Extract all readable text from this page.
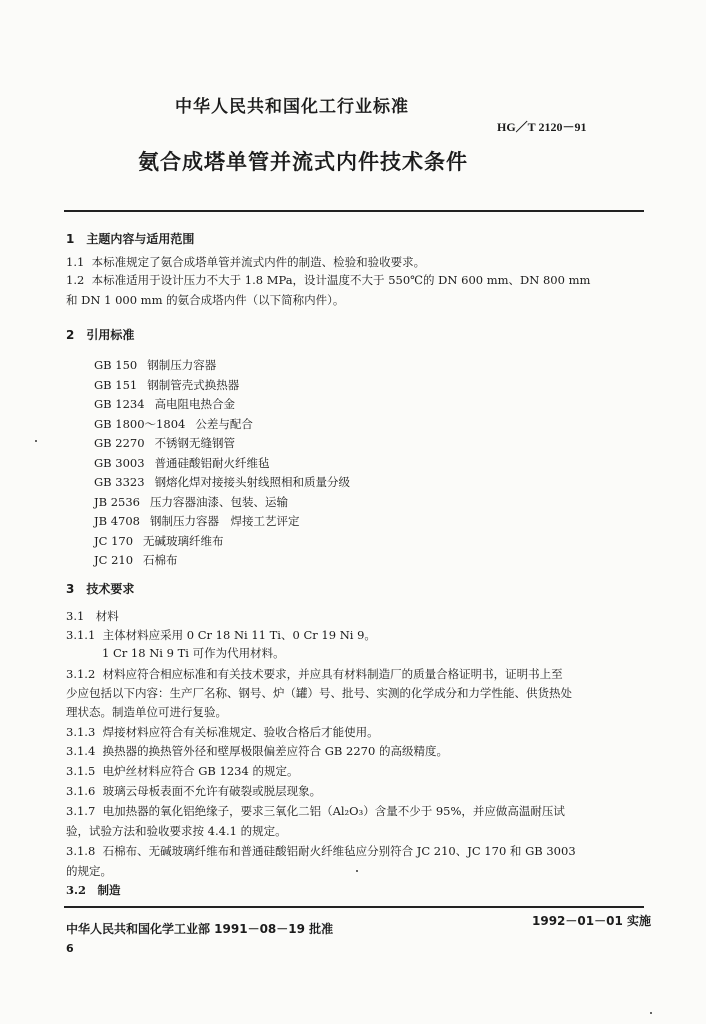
中华人民共和国化工行业标准
HG／T 2120－91
氨合成塔单管并流式内件技术条件
1　主题内容与适用范围
1.1 本标准规定了氨合成塔单管并流式内件的制造、检验和验收要求。
1.2 本标准适用于设计压力不大于 1.8 MPa，设计温度不大于 550℃的 DN 600 mm、DN 800 mm
和 DN 1 000 mm 的氨合成塔内件（以下简称内件）。
2　引用标准
GB 150 钢制压力容器
GB 151 钢制管壳式换热器
GB 1234 高电阻电热合金
GB 1800～1804 公差与配合
GB 2270 不锈钢无缝钢管
GB 3003 普通硅酸铝耐火纤维毡
GB 3323 钢熔化焊对接接头射线照相和质量分级
JB 2536 压力容器油漆、包装、运输
JB 4708 钢制压力容器　焊接工艺评定
JC 170 无碱玻璃纤维布
JC 210 石棉布
3　技术要求
3.1　材料
3.1.1 主体材料应采用 0 Cr 18 Ni 11 Ti、0 Cr 19 Ni 9。
1 Cr 18 Ni 9 Ti 可作为代用材料。
3.1.2 材料应符合相应标准和有关技术要求，并应具有材料制造厂的质量合格证明书，证明书上至
少应包括以下内容：生产厂名称、钢号、炉（罐）号、批号、实测的化学成分和力学性能、供货热处
理状态。制造单位可进行复验。
3.1.3 焊接材料应符合有关标准规定、验收合格后才能使用。
3.1.4 换热器的换热管外径和壁厚极限偏差应符合 GB 2270 的高级精度。
3.1.5 电炉丝材料应符合 GB 1234 的规定。
3.1.6 玻璃云母板表面不允许有破裂或脱层现象。
3.1.7 电加热器的氧化铝绝缘子，要求三氧化二铝（Al₂O₃）含量不少于 95%，并应做高温耐压试
验，试验方法和验收要求按 4.4.1 的规定。
3.1.8 石棉布、无碱玻璃纤维布和普通硅酸铝耐火纤维毡应分别符合 JC 210、JC 170 和 GB 3003
的规定。
3.2　制造
中华人民共和国化学工业部 1991－08－19 批准
1992－01－01 实施
6
